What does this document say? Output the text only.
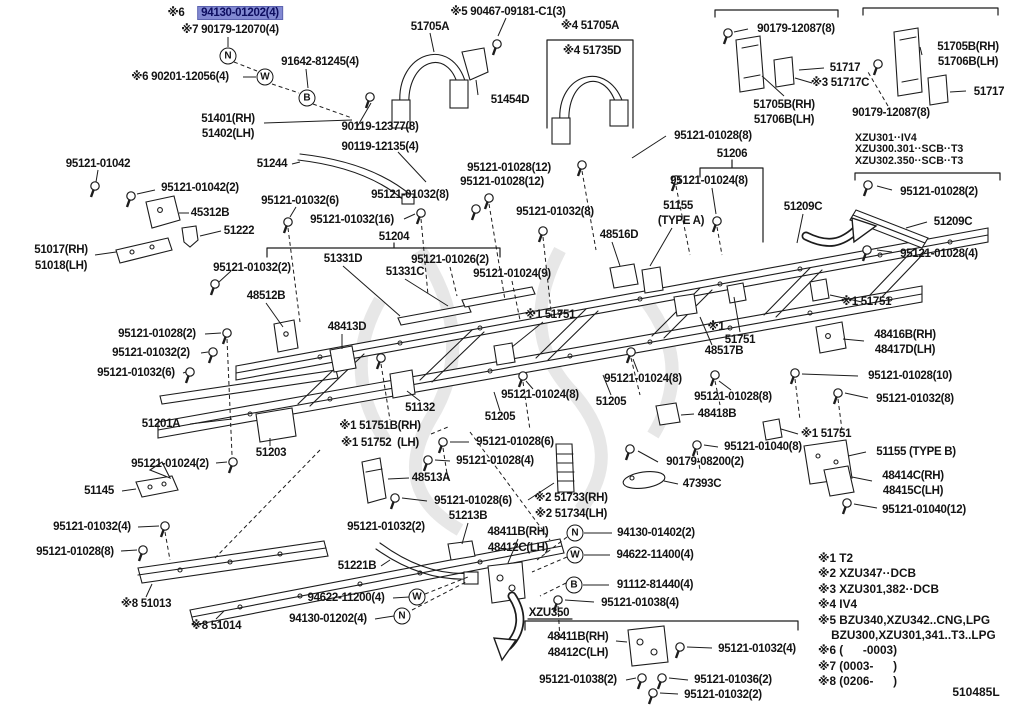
※6 94130-01202(4)
※7 90179-12070(4)
91642-81245(4)
※6 90201-12056(4)
51401(RH)
51402(LH)
90119-12377(8)
90119-12135(4)
51244
51705A
※5 90467-09181-C1(3)
※4 51705A
※4 51735D
51454D
90179-12087(8)
51705B(RH)
51706B(LH)
51717
※3 51717C
51717
51705B(RH)
51706B(LH)
90179-12087(8)
95121-01028(8)
51206
95121-01024(8)
51155
(TYPE A)
51209C
48516D
95121-01028(2)
51209C
95121-01028(4)
95121-01042
95121-01042(2)
45312B
51222
51017(RH)
51018(LH)	95121-01032(2)
95121-01032(6)
95121-01032(16)
95121-01032(8)
95121-01028(12)
95121-01028(12)
95121-01032(8)
51204
51331D
51331C
95121-01026(2)
95121-01024(9)
48512B
48413D
95121-01028(2)
95121-01032(2)
95121-01032(6)
※1 51751
※1
51751
48517B
※1 51751
48416B(RH)
48417D(LH)
95121-01028(10)
95121-01032(8)
95121-01024(8)
51205
95121-01024(8)
51205
95121-01028(8)
48418B
51132
※1 51751B(RH)
※1 51752  (LH)	95121-01028(6)
95121-01028(4)
48513A
95121-01028(6)
51213B
95121-01032(2)
※2 51733(RH)
※2 51734(LH)
※1 51751
95121-01040(8)
90179-08200(2)
47393C
51155 (TYPE B)
48414C(RH)
48415C(LH)
95121-01040(12)
51201A
51203
95121-01024(2)
51145
95121-01032(4)
95121-01028(8)
※8 51013
※8 51014
51221B
94622-11200(4)
94130-01202(4)
94130-01402(2)
94622-11400(4)
91112-81440(4)
95121-01038(4)
48411B(RH)
48412C(LH)
XZU350
48411B(RH)
48412C(LH)	95121-01032(4)
95121-01038(2)	95121-01036(2)
95121-01032(2)
N
W
B
W
N
N
W
B
XZU301··IV4
XZU300.301··SCB··T3
XZU302.350··SCB··T3
※1 T2
※2 XZU347··DCB
※3 XZU301,382··DCB
※4 IV4
※5 BZU340,XZU342..CNG,LPG
BZU300,XZU301,341..T3..LPG
※6 (      -0003)
※7 (0003-      )
※8 (0206-      )
510485L
